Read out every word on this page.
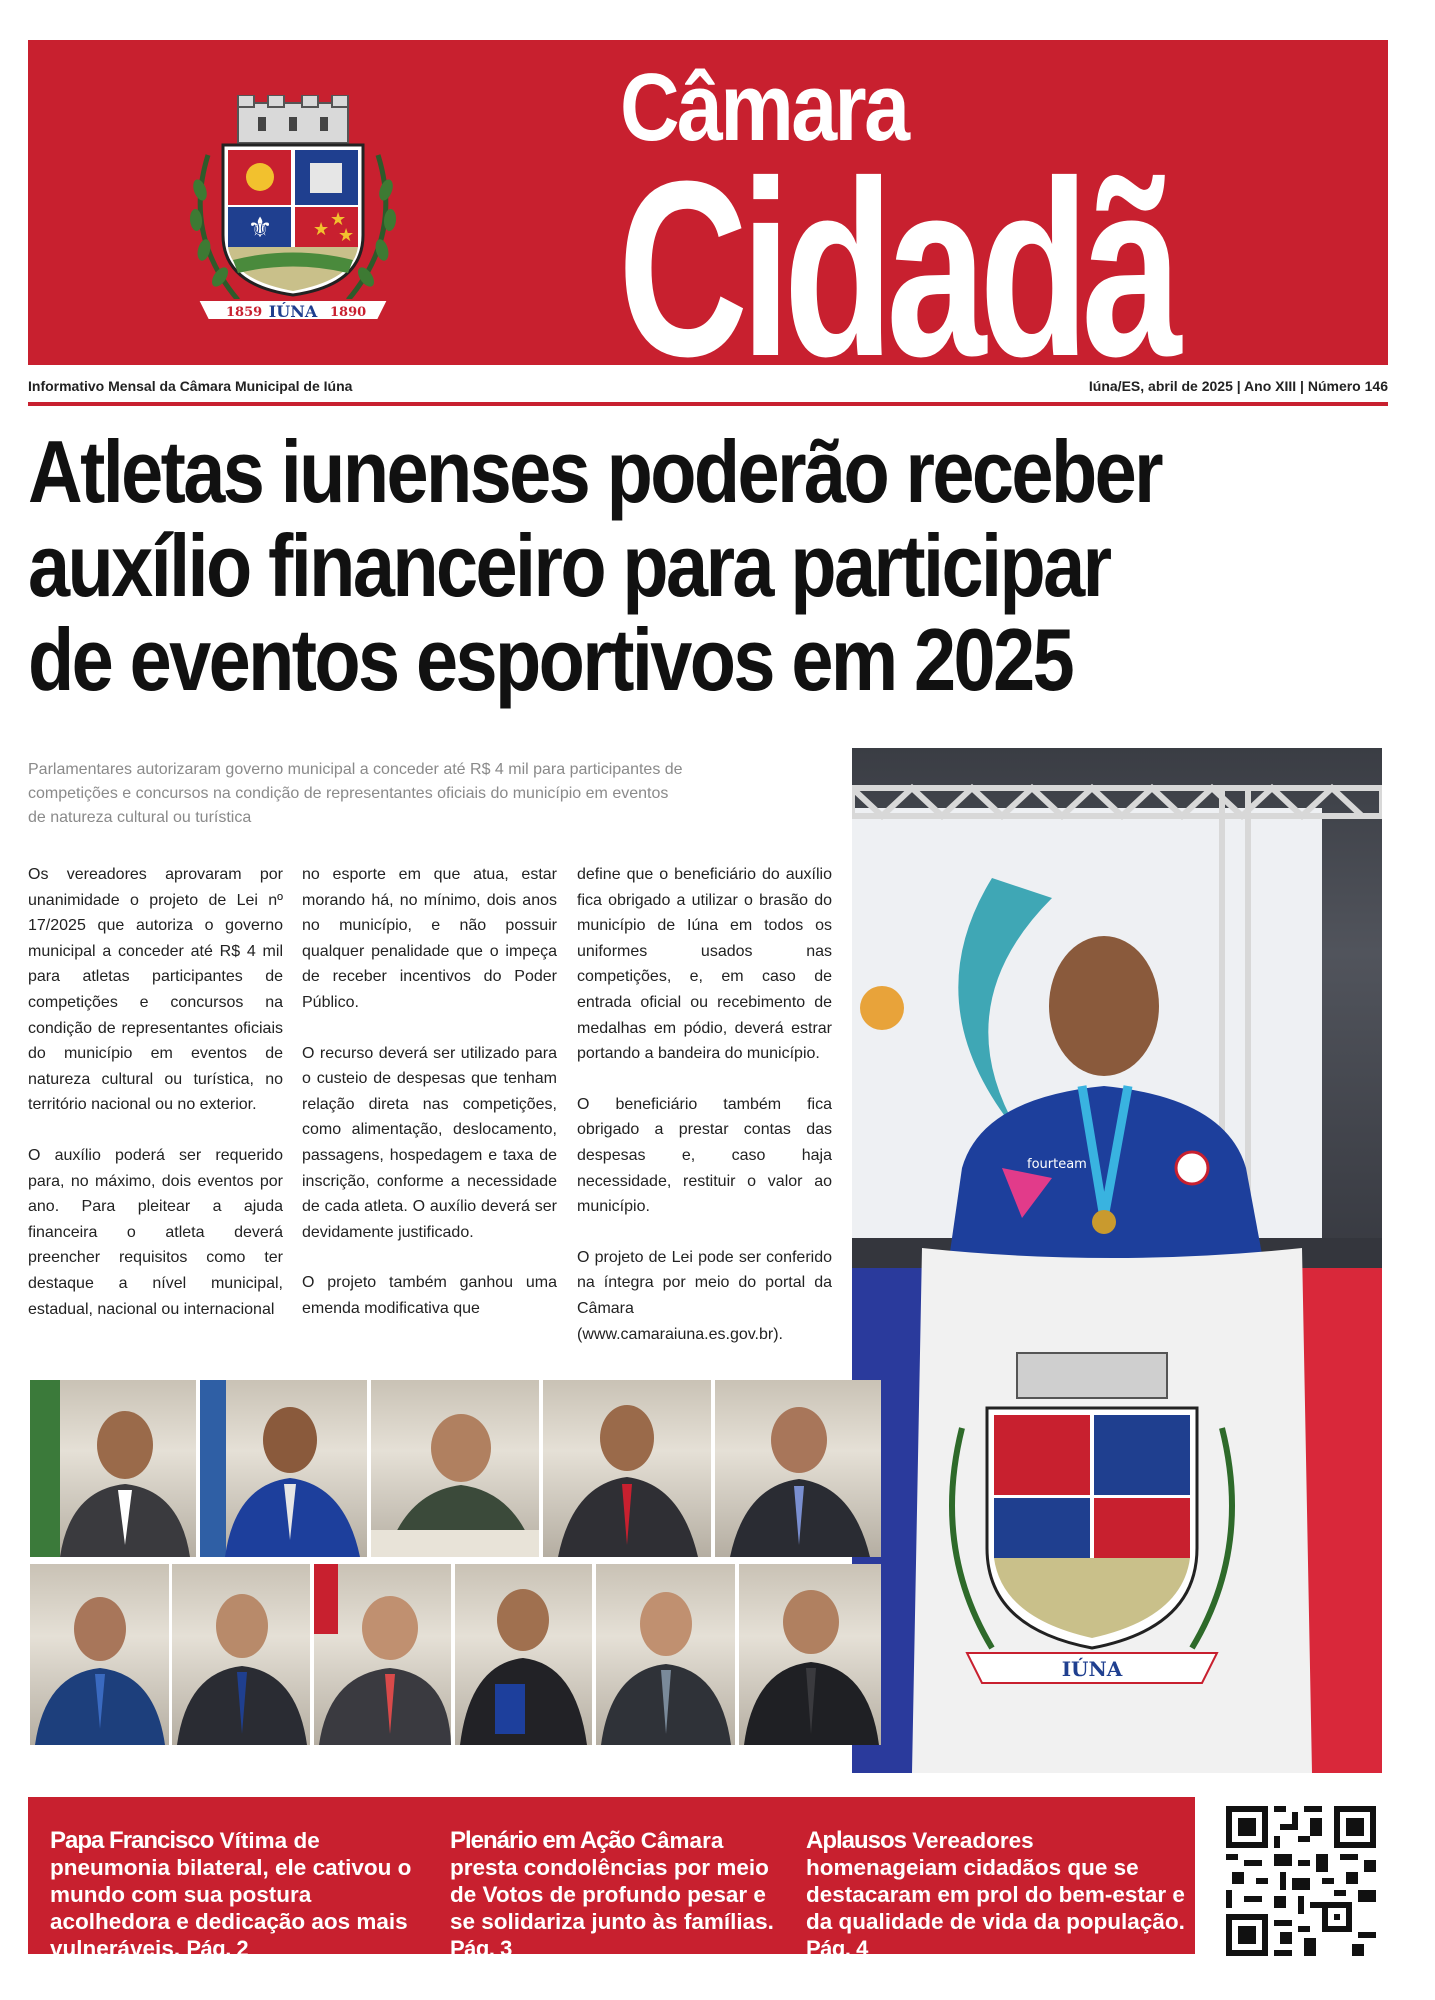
⚜ ★ ★
★
1859 IÚNA 1890
Câmara
Cidadã
Informativo Mensal da Câmara Municipal de Iúna	Iúna/ES, abril de 2025 | Ano XIII | Número 146
Atletas iunenses poderão receber
auxílio financeiro para participar
de eventos esportivos em 2025
Parlamentares autorizaram governo municipal a conceder até R$ 4 mil para participantes de competições e concursos na condição de representantes oficiais do município em eventos de natureza cultural ou turística

Os vereadores aprovaram por unanimidade o projeto de Lei nº 17/2025 que autoriza o governo municipal a conceder até R$ 4 mil para atletas participantes de competições e concursos na condição de representantes oficiais do município em eventos de natureza cultural ou turística, no território nacional ou no exterior.

O auxílio poderá ser requerido para, no máximo, dois eventos por ano. Para pleitear a ajuda financeira o atleta deverá preencher requisitos como ter destaque a nível municipal, estadual, nacional ou internacional

no esporte em que atua, estar morando há, no mínimo, dois anos no município, e não possuir qualquer penalidade que o impeça de receber incentivos do Poder Público.

O recurso deverá ser utilizado para o custeio de despesas que tenham relação direta nas competições, como alimentação, deslocamento, passagens, hospedagem e taxa de inscrição, conforme a necessidade de cada atleta. O auxílio deverá ser devidamente justificado.

O projeto também ganhou uma emenda modificativa que

define que o beneficiário do auxílio fica obrigado a utilizar o brasão do município de Iúna em todos os uniformes usados nas competições, e, em caso de entrada oficial ou recebimento de medalhas em pódio, deverá estrar portando a bandeira do município.

O beneficiário também fica obrigado a prestar contas das despesas e, caso haja necessidade, restituir o valor ao município.

O projeto de Lei pode ser conferido na íntegra por meio do portal da Câmara (www.camaraiuna.es.gov.br).

fourteam
IÚNA
Papa Francisco Vítima de pneumonia bilateral, ele cativou o mundo com sua postura acolhedora e dedicação aos mais vulneráveis. Pág. 2
Plenário em Ação Câmara presta condolências por meio de Votos de profundo pesar e se solidariza junto às famílias. Pág. 3
Aplausos Vereadores homenageiam cidadãos que se destacaram em prol do bem-estar e da qualidade de vida da população. Pág. 4
